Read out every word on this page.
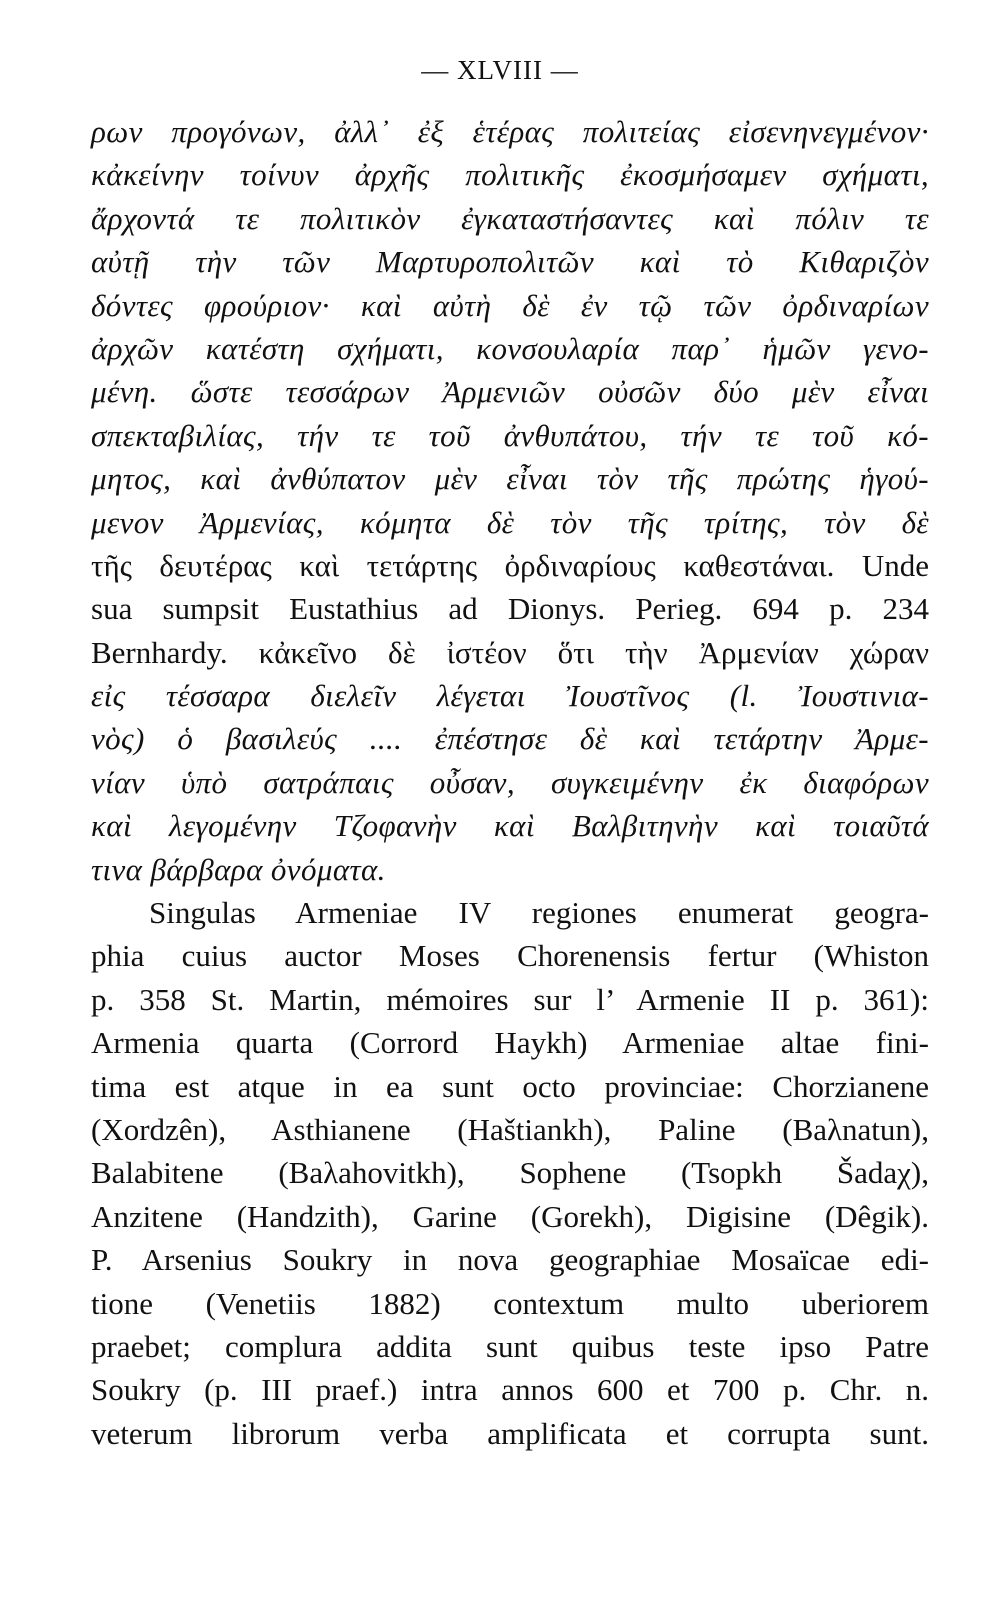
— XLVIII —
ρων προγόνων, ἀλλ᾽ ἐξ ἑτέρας πολιτείας εἰσενηνεγμένον·
κἀκείνην τοίνυν ἀρχῆς πολιτικῆς ἐκοσμήσαμεν σχήματι,
ἄρχοντά τε πολιτικὸν ἐγκαταστήσαντες καὶ πόλιν τε
αὐτῇ τὴν τῶν Μαρτυροπολιτῶν καὶ τὸ Κιθαριζὸν
δόντες φρούριον· καὶ αὐτὴ δὲ ἐν τῷ τῶν ὀρδιναρίων
ἀρχῶν κατέστη σχήματι, κονσουλαρία παρ᾽ ἡμῶν γενο-
μένη. ὥστε τεσσάρων Ἀρμενιῶν οὐσῶν δύο μὲν εἶναι
σπεκταβιλίας, τήν τε τοῦ ἀνθυπάτου, τήν τε τοῦ κό-
μητος, καὶ ἀνθύπατον μὲν εἶναι τὸν τῆς πρώτης ἡγού-
μενον Ἀρμενίας, κόμητα δὲ τὸν τῆς τρίτης, τὸν δὲ
τῆς δευτέρας καὶ τετάρτης ὀρδιναρίους καθεστάναι. Unde
sua sumpsit Eustathius ad Dionys. Perieg. 694 p. 234
Bernhardy. κἀκεῖνο δὲ ἰστέον ὅτι τὴν Ἀρμενίαν χώραν
εἰς τέσσαρα διελεῖν λέγεται Ἰουστῖνος (l. Ἰουστινια-
νὸς) ὁ βασιλεύς .... ἐπέστησε δὲ καὶ τετάρτην Ἀρμε-
νίαν ὑπὸ σατράπαις οὖσαν, συγκειμένην ἐκ διαφόρων
καὶ λεγομένην Τζοφανὴν καὶ Βαλβιτηνὴν καὶ τοιαῦτά
τινα βάρβαρα ὀνόματα.
Singulas Armeniae IV regiones enumerat geogra-
phia cuius auctor Moses Chorenensis fertur (Whiston
p. 358 St. Martin, mémoires sur l’ Armenie II p. 361):
Armenia quarta (Corrord Haykh) Armeniae altae fini-
tima est atque in ea sunt octo provinciae: Chorzianene
(Xordzên), Asthianene (Haštiankh), Paline (Baλnatun),
Balabitene (Baλahovitkh), Sophene (Tsopkh Šadaχ),
Anzitene (Handzith), Garine (Gorekh), Digisine (Dêgik).
P. Arsenius Soukry in nova geographiae Mosaïcae edi-
tione (Venetiis 1882) contextum multo uberiorem
praebet; complura addita sunt quibus teste ipso Patre
Soukry (p. III praef.) intra annos 600 et 700 p. Chr. n.
veterum librorum verba amplificata et corrupta sunt.
